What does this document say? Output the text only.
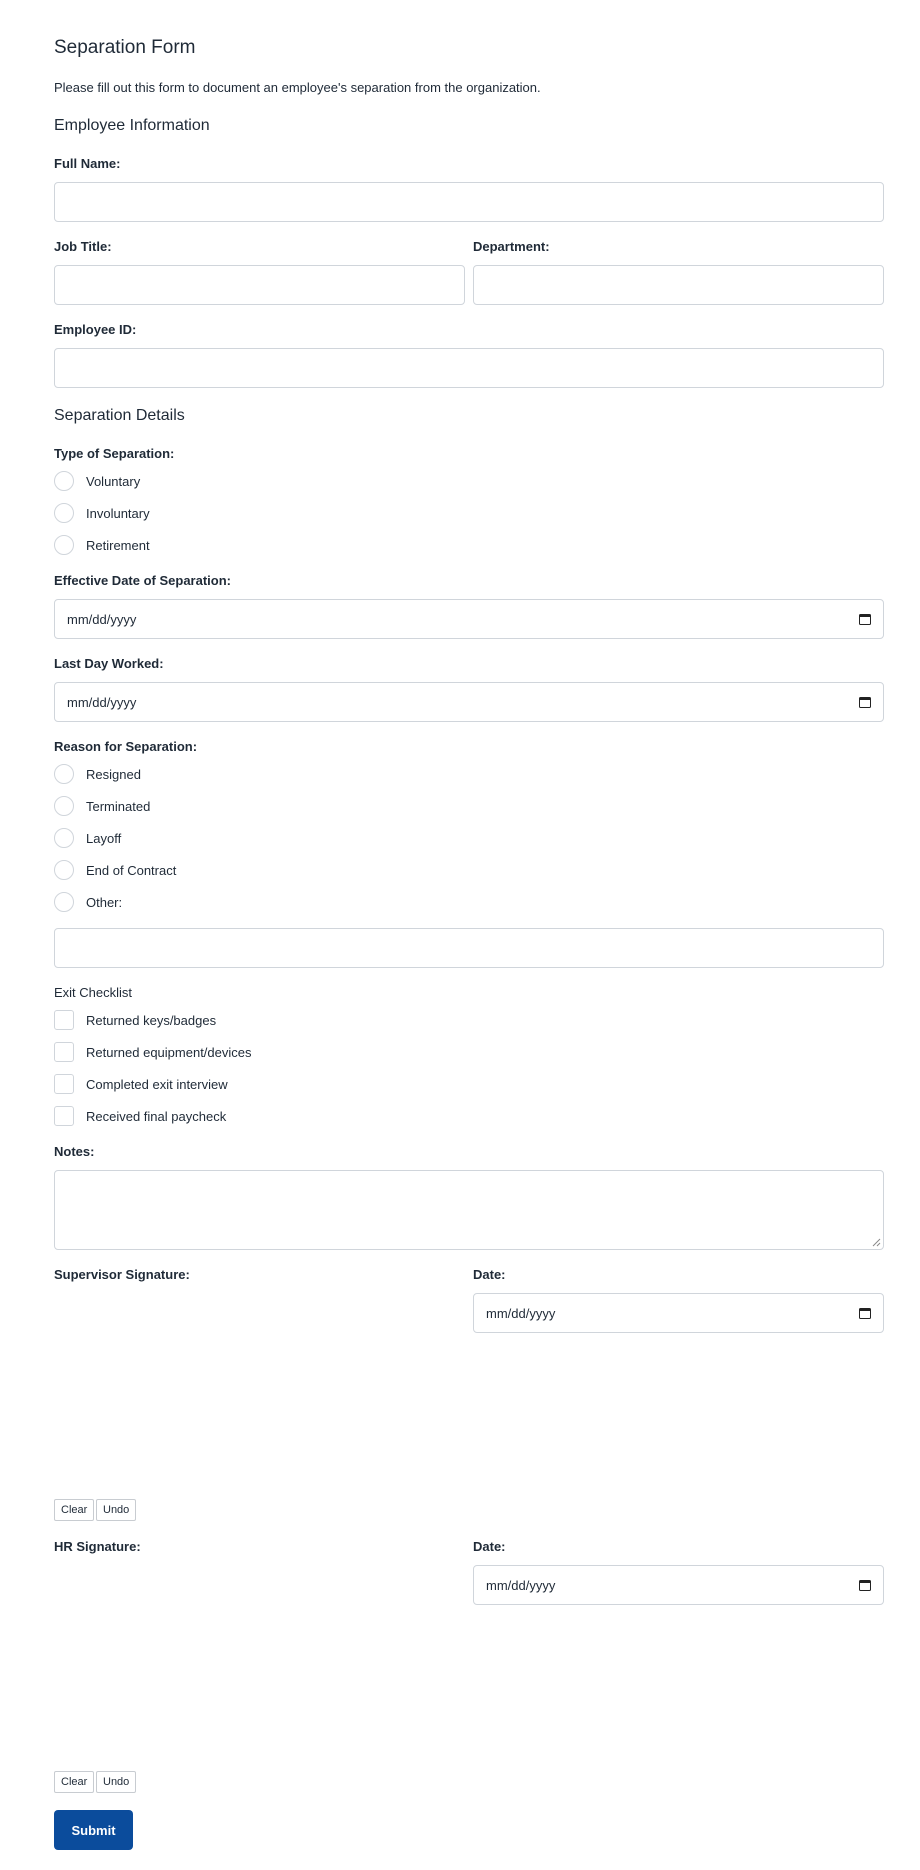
Separation Form
Please fill out this form to document an employee's separation from the organization.
Employee Information
Full Name:
Job Title:	Department:
Employee ID:
Separation Details
Type of Separation:
Voluntary
Involuntary
Retirement
Effective Date of Separation:
mm/dd/yyyy
Last Day Worked:
mm/dd/yyyy
Reason for Separation:
Resigned
Terminated
Layoff
End of Contract
Other:
Exit Checklist
Returned keys/badges
Returned equipment/devices
Completed exit interview
Received final paycheck
Notes:
Supervisor Signature:	Date:
mm/dd/yyyy
Clear	Undo
HR Signature:	Date:
mm/dd/yyyy
Clear	Undo
Submit
